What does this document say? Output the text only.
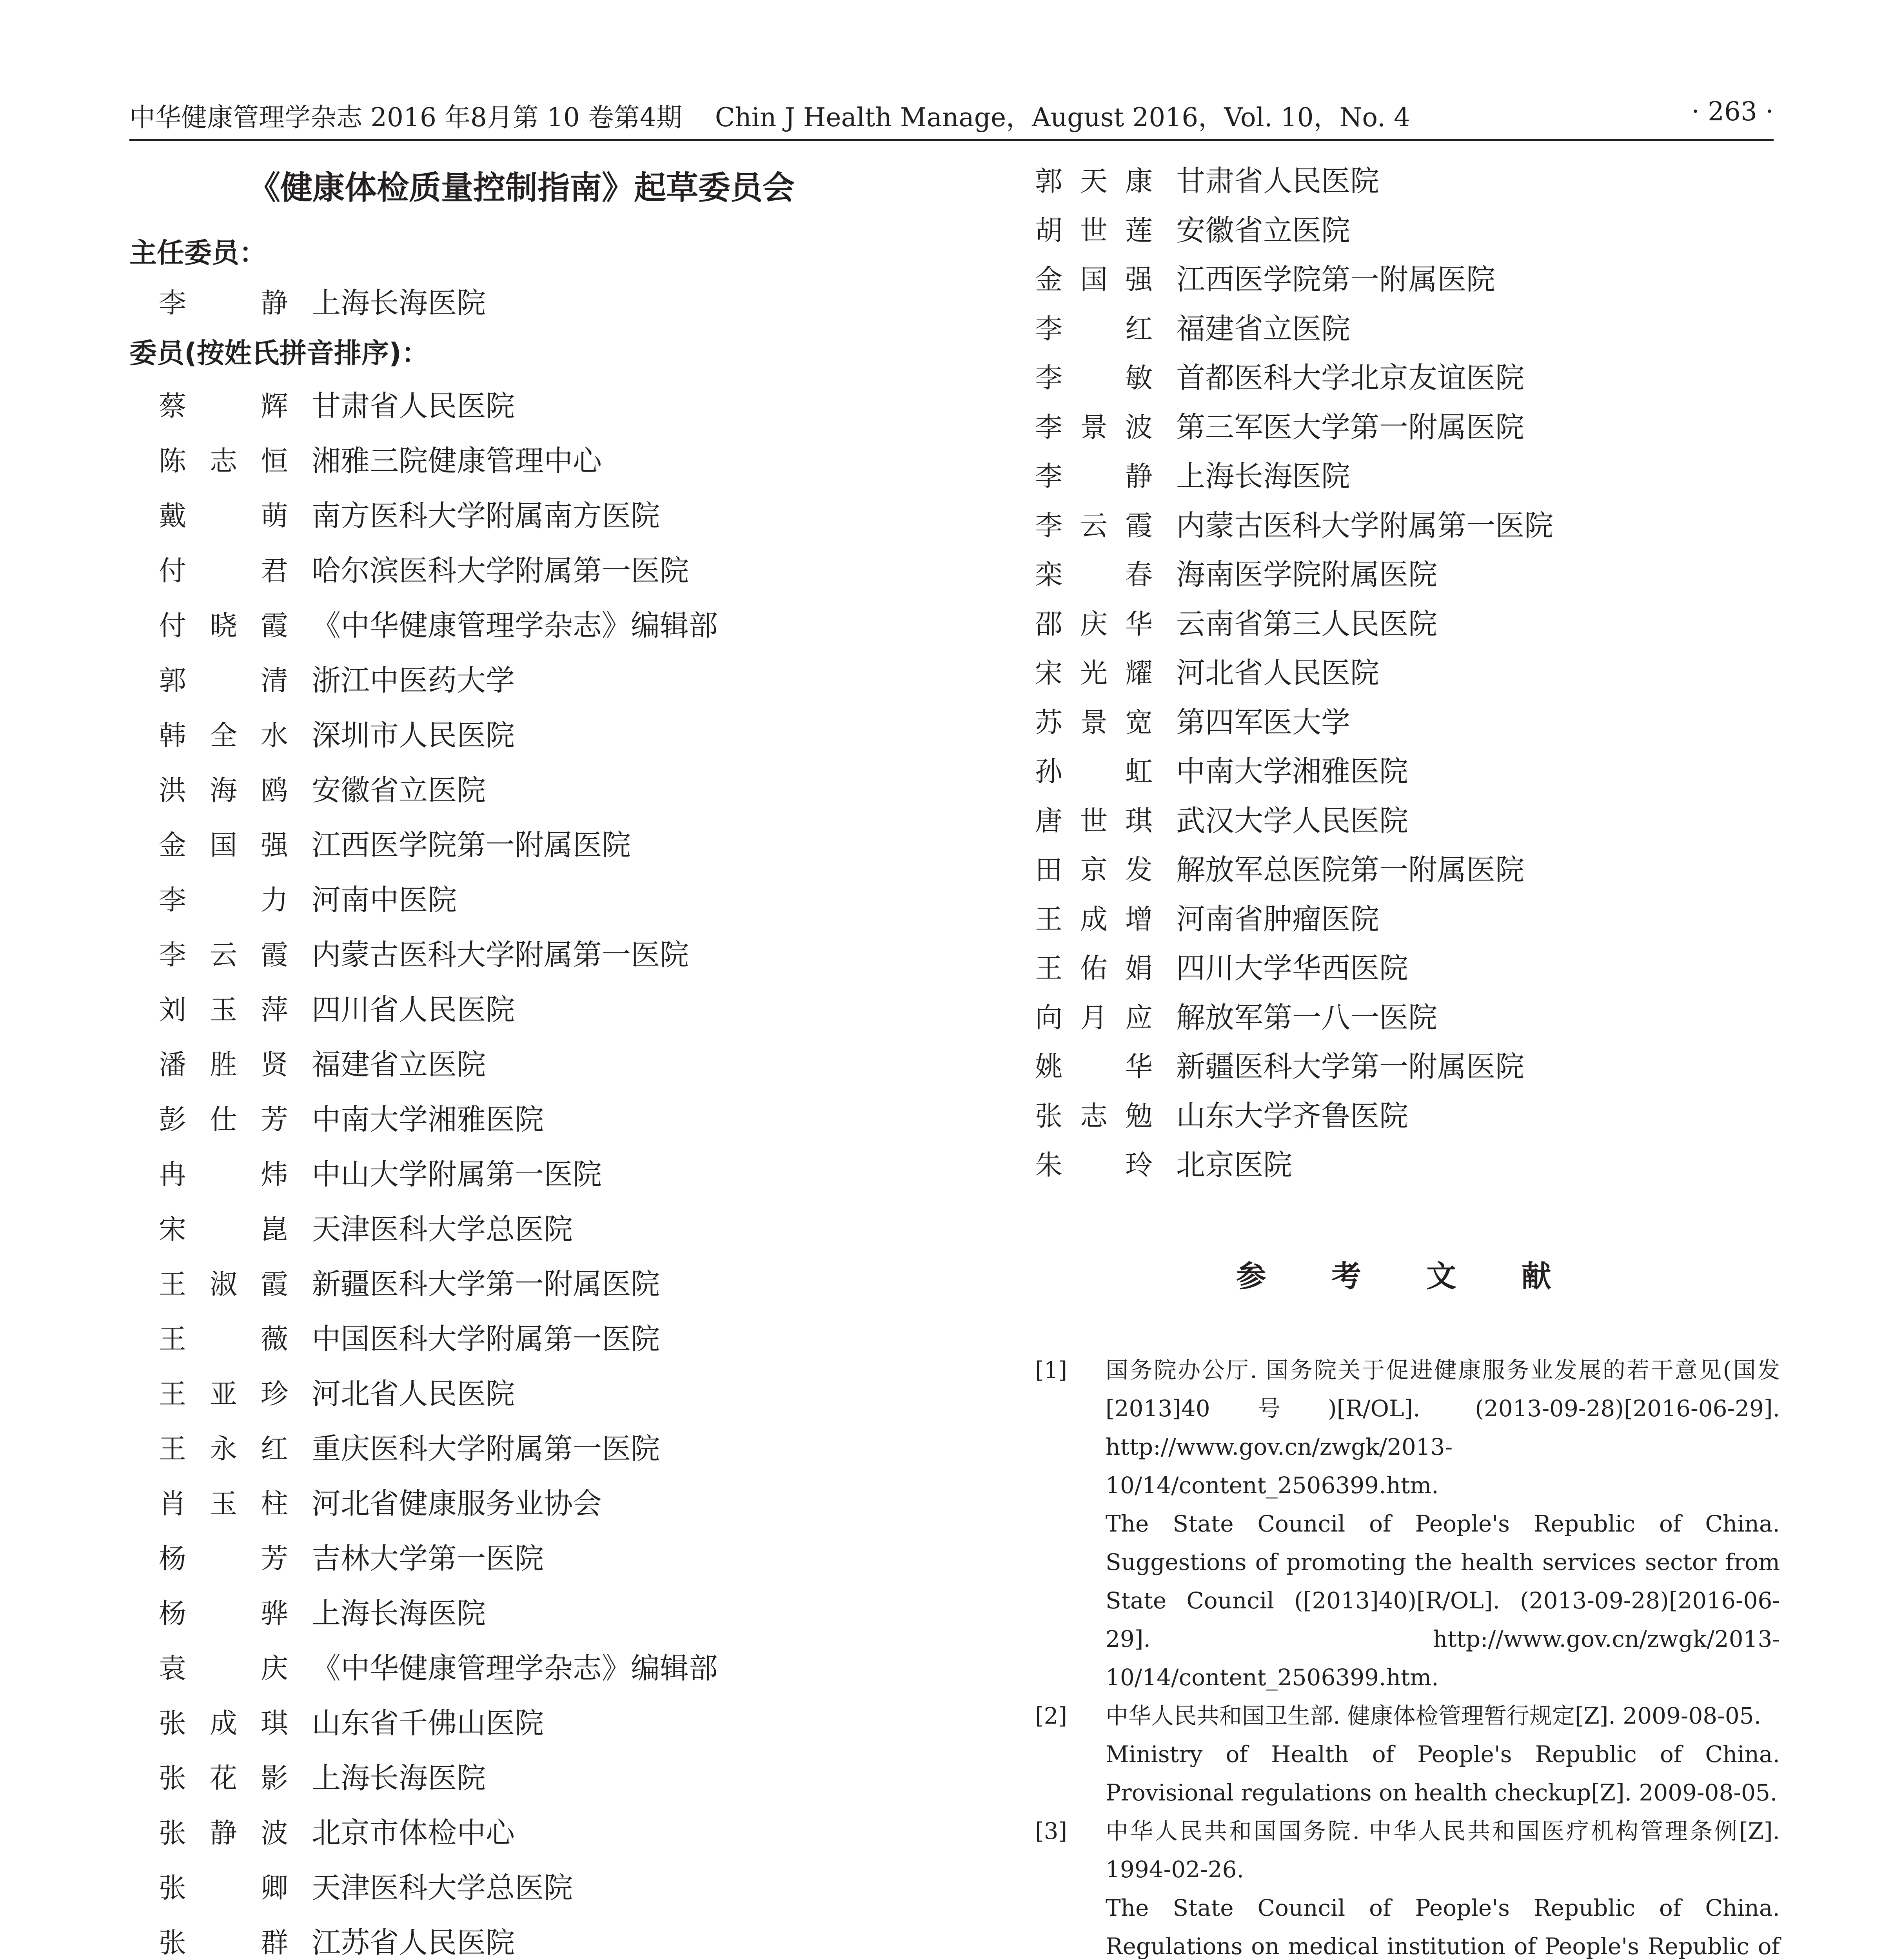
中华健康管理学杂志 2016 年8月第 10 卷第4期 Chin J Health Manage，August 2016，Vol. 10，No. 4	· 263 ·
《健康体检质量控制指南》起草委员会
主任委员：
李 静 上海长海医院
委员(按姓氏拼音排序)：
蔡 辉 甘肃省人民医院
陈志恒 湘雅三院健康管理中心
戴 萌 南方医科大学附属南方医院
付 君 哈尔滨医科大学附属第一医院
付晓霞 《中华健康管理学杂志》编辑部
郭 清 浙江中医药大学
韩全水 深圳市人民医院
洪海鸥 安徽省立医院
金国强 江西医学院第一附属医院
李 力 河南中医院
李云霞 内蒙古医科大学附属第一医院
刘玉萍 四川省人民医院
潘胜贤 福建省立医院
彭仕芳 中南大学湘雅医院
冉 炜 中山大学附属第一医院
宋 崑 天津医科大学总医院
王淑霞 新疆医科大学第一附属医院
王 薇 中国医科大学附属第一医院
王亚珍 河北省人民医院
王永红 重庆医科大学附属第一医院
肖玉柱 河北省健康服务业协会
杨 芳 吉林大学第一医院
杨 骅 上海长海医院
袁 庆 《中华健康管理学杂志》编辑部
张成琪 山东省千佛山医院
张花影 上海长海医院
张静波 北京市体检中心
张 卿 天津医科大学总医院
张 群 江苏省人民医院
郭天康 甘肃省人民医院
胡世莲 安徽省立医院
金国强 江西医学院第一附属医院
李 红 福建省立医院
李 敏 首都医科大学北京友谊医院
李景波 第三军医大学第一附属医院
李 静 上海长海医院
李云霞 内蒙古医科大学附属第一医院
栾 春 海南医学院附属医院
邵庆华 云南省第三人民医院
宋光耀 河北省人民医院
苏景宽 第四军医大学
孙 虹 中南大学湘雅医院
唐世琪 武汉大学人民医院
田京发 解放军总医院第一附属医院
王成增 河南省肿瘤医院
王佑娟 四川大学华西医院
向月应 解放军第一八一医院
姚 华 新疆医科大学第一附属医院
张志勉 山东大学齐鲁医院
朱 玲 北京医院
参 考 文 献
[1]	国务院办公厅. 国务院关于促进健康服务业发展的若干意见(国发[2013]40号)[R/OL]. (2013-09-28)[2016-06-29]. http://www.gov.cn/zwgk/2013-10/14/content_2506399.htm.

The State Council of People's Republic of China. Suggestions of promoting the health services sector from State Council ([2013]40)[R/OL]. (2013-09-28)[2016-06-29]. http://www.gov.cn/zwgk/2013-10/14/content_2506399.htm.

[2]	中华人民共和国卫生部. 健康体检管理暂行规定[Z]. 2009-08-05.

Ministry of Health of People's Republic of China. Provisional regulations on health checkup[Z]. 2009-08-05.

[3]	中华人民共和国国务院. 中华人民共和国医疗机构管理条例[Z]. 1994-02-26.

The State Council of People's Republic of China. Regulations on medical institution of People's Republic of
